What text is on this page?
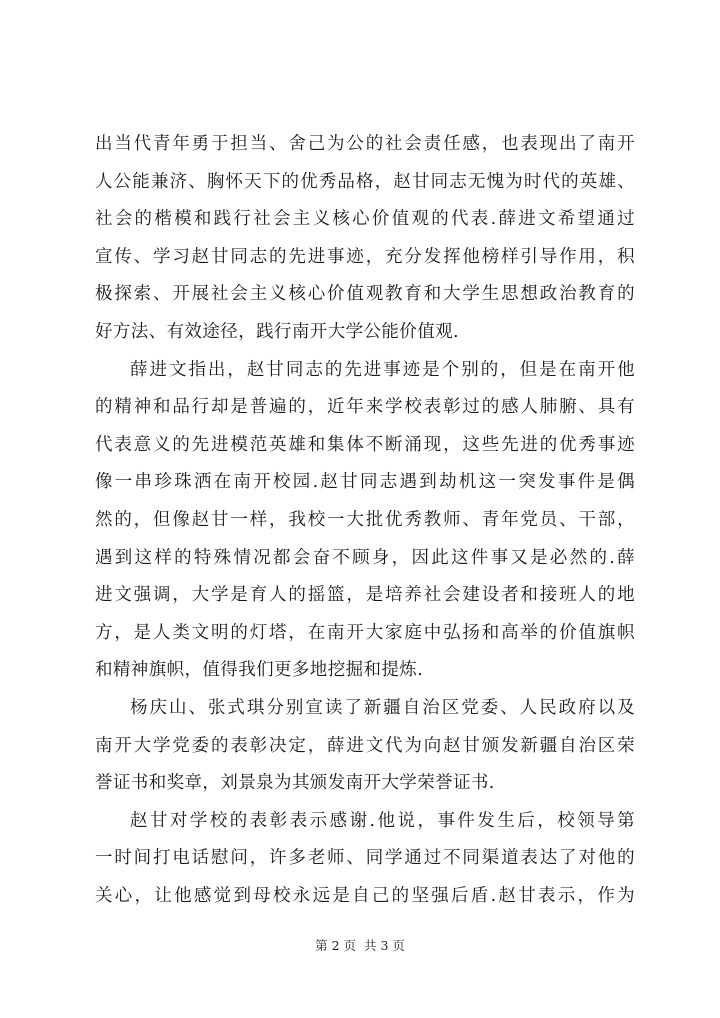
出当代青年勇于担当、舍己为公的社会责任感，也表现出了南开
人公能兼济、胸怀天下的优秀品格，赵甘同志无愧为时代的英雄、
社会的楷模和践行社会主义核心价值观的代表.薛进文希望通过
宣传、学习赵甘同志的先进事迹，充分发挥他榜样引导作用，积
极探索、开展社会主义核心价值观教育和大学生思想政治教育的
好方法、有效途径，践行南开大学公能价值观.
薛进文指出，赵甘同志的先进事迹是个别的，但是在南开他
的精神和品行却是普遍的，近年来学校表彰过的感人肺腑、具有
代表意义的先进模范英雄和集体不断涌现，这些先进的优秀事迹
像一串珍珠洒在南开校园.赵甘同志遇到劫机这一突发事件是偶
然的，但像赵甘一样，我校一大批优秀教师、青年党员、干部，
遇到这样的特殊情况都会奋不顾身，因此这件事又是必然的.薛
进文强调，大学是育人的摇篮，是培养社会建设者和接班人的地
方，是人类文明的灯塔，在南开大家庭中弘扬和高举的价值旗帜
和精神旗帜，值得我们更多地挖掘和提炼.
杨庆山、张式琪分别宣读了新疆自治区党委、人民政府以及
南开大学党委的表彰决定，薛进文代为向赵甘颁发新疆自治区荣
誉证书和奖章，刘景泉为其颁发南开大学荣誉证书.
赵甘对学校的表彰表示感谢.他说，事件发生后，校领导第
一时间打电话慰问，许多老师、同学通过不同渠道表达了对他的
关心，让他感觉到母校永远是自己的坚强后盾.赵甘表示，作为
第 2 页 共 3 页
